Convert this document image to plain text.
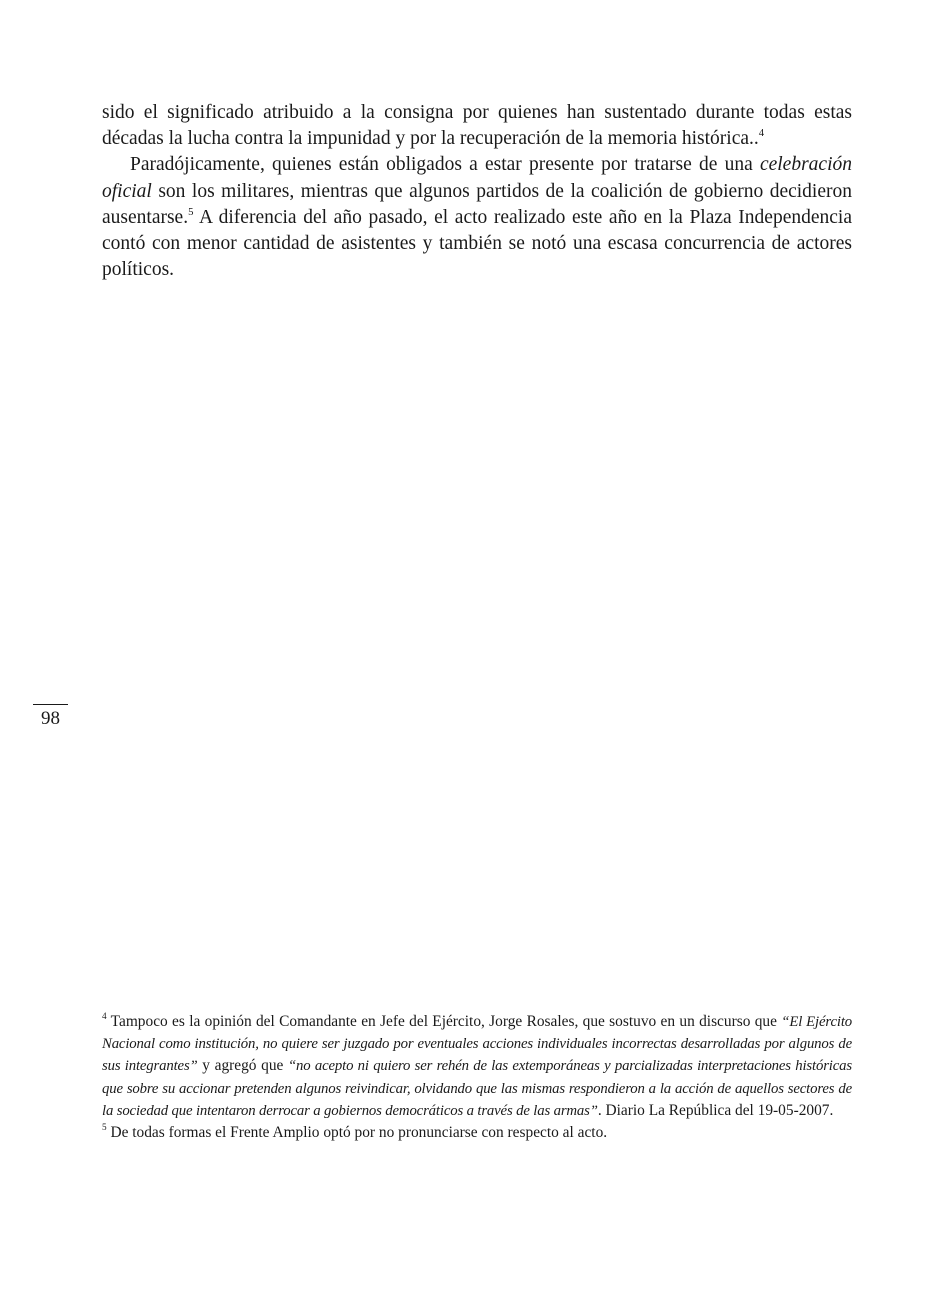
sido el significado atribuido a la consigna por quienes han sustentado durante todas estas décadas la lucha contra la impunidad y por la recuperación de la memoria histórica..$^4$

Paradójicamente, quienes están obligados a estar presente por tratarse de una celebración oficial son los militares, mientras que algunos partidos de la coalición de gobierno decidieron ausentarse.$^5$ A diferencia del año pasado, el acto realizado este año en la Plaza Independencia contó con menor cantidad de asistentes y también se notó una escasa concurrencia de actores políticos.

98

$^4$ Tampoco es la opinión del Comandante en Jefe del Ejército, Jorge Rosales, que sostuvo en un discurso que “El Ejército Nacional como institución, no quiere ser juzgado por eventuales acciones individuales incorrectas desarrolladas por algunos de sus integrantes” y agregó que “no acepto ni quiero ser rehén de las extemporáneas y parcializadas interpretaciones históricas que sobre su accionar pretenden algunos reivindicar, olvidando que las mismas respondieron a la acción de aquellos sectores de la sociedad que intentaron derrocar a gobiernos democráticos a través de las armas”. Diario La República del 19-05-2007.

$^5$ De todas formas el Frente Amplio optó por no pronunciarse con respecto al acto.
